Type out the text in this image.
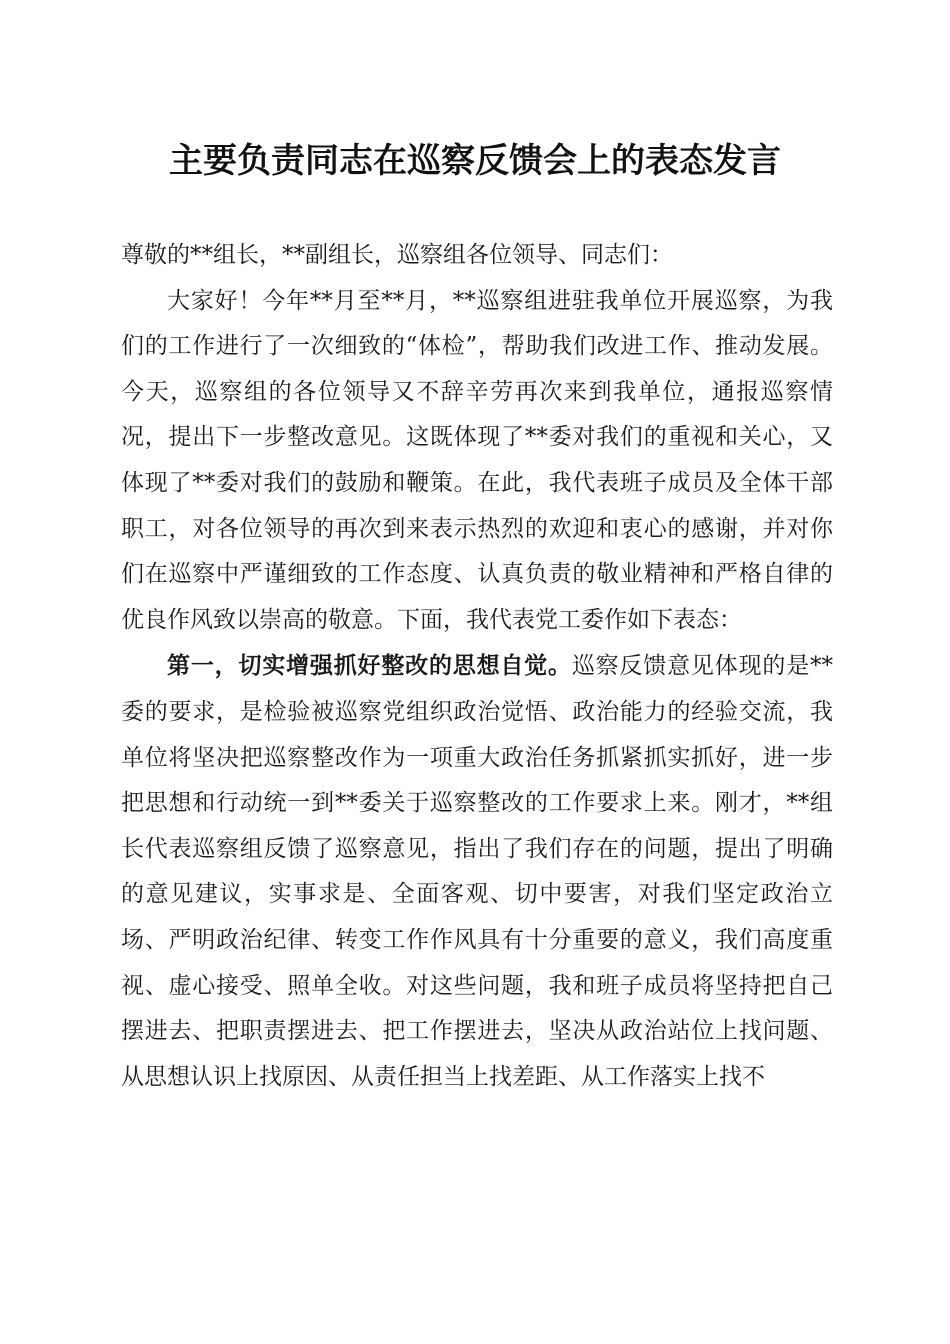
主要负责同志在巡察反馈会上的表态发言

尊敬的**组长，**副组长，巡察组各位领导、同志们：

大家好！今年**月至**月，**巡察组进驻我单位开展巡察，为我们的工作进行了一次细致的“体检”，帮助我们改进工作、推动发展。今天，巡察组的各位领导又不辞辛劳再次来到我单位，通报巡察情况，提出下一步整改意见。这既体现了**委对我们的重视和关心，又体现了**委对我们的鼓励和鞭策。在此，我代表班子成员及全体干部职工，对各位领导的再次到来表示热烈的欢迎和衷心的感谢，并对你们在巡察中严谨细致的工作态度、认真负责的敬业精神和严格自律的优良作风致以崇高的敬意。下面，我代表党工委作如下表态：

第一，切实增强抓好整改的思想自觉。巡察反馈意见体现的是**委的要求，是检验被巡察党组织政治觉悟、政治能力的经验交流，我单位将坚决把巡察整改作为一项重大政治任务抓紧抓实抓好，进一步把思想和行动统一到**委关于巡察整改的工作要求上来。刚才，**组长代表巡察组反馈了巡察意见，指出了我们存在的问题，提出了明确的意见建议，实事求是、全面客观、切中要害，对我们坚定政治立场、严明政治纪律、转变工作作风具有十分重要的意义，我们高度重视、虚心接受、照单全收。对这些问题，我和班子成员将坚持把自己摆进去、把职责摆进去、把工作摆进去，坚决从政治站位上找问题、从思想认识上找原因、从责任担当上找差距、从工作落实上找不
